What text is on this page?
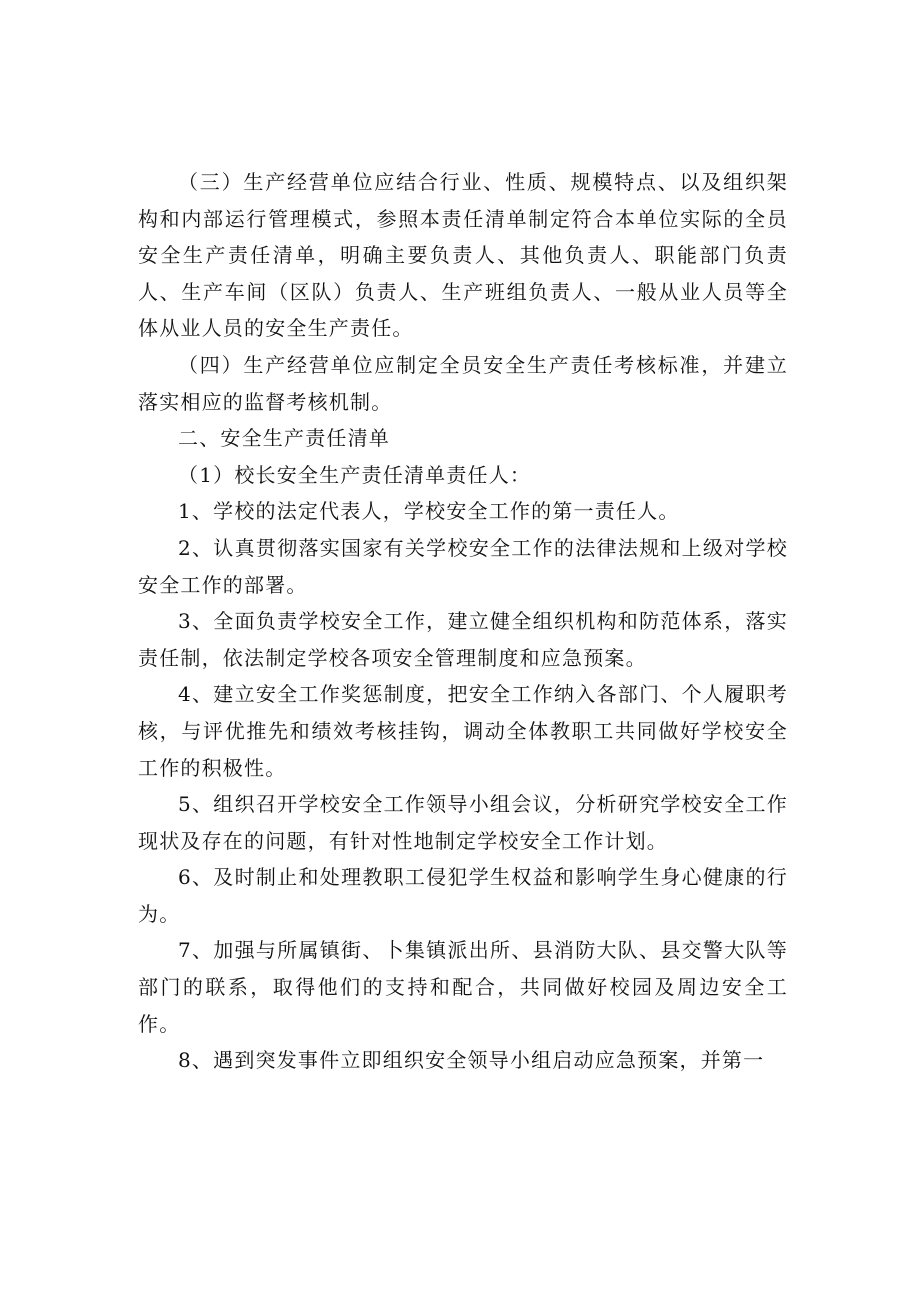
（三）生产经营单位应结合行业、性质、规模特点、以及组织架构和内部运行管理模式，参照本责任清单制定符合本单位实际的全员安全生产责任清单，明确主要负责人、其他负责人、职能部门负责人、生产车间（区队）负责人、生产班组负责人、一般从业人员等全体从业人员的安全生产责任。

（四）生产经营单位应制定全员安全生产责任考核标准，并建立落实相应的监督考核机制。

二、安全生产责任清单

（1）校长安全生产责任清单责任人：

1、学校的法定代表人，学校安全工作的第一责任人。

2、认真贯彻落实国家有关学校安全工作的法律法规和上级对学校安全工作的部署。

3、全面负责学校安全工作，建立健全组织机构和防范体系，落实责任制，依法制定学校各项安全管理制度和应急预案。

4、建立安全工作奖惩制度，把安全工作纳入各部门、个人履职考核，与评优推先和绩效考核挂钩，调动全体教职工共同做好学校安全工作的积极性。

5、组织召开学校安全工作领导小组会议，分析研究学校安全工作现状及存在的问题，有针对性地制定学校安全工作计划。

6、及时制止和处理教职工侵犯学生权益和影响学生身心健康的行为。

7、加强与所属镇街、卜集镇派出所、县消防大队、县交警大队等部门的联系，取得他们的支持和配合，共同做好校园及周边安全工作。

8、遇到突发事件立即组织安全领导小组启动应急预案，并第一
